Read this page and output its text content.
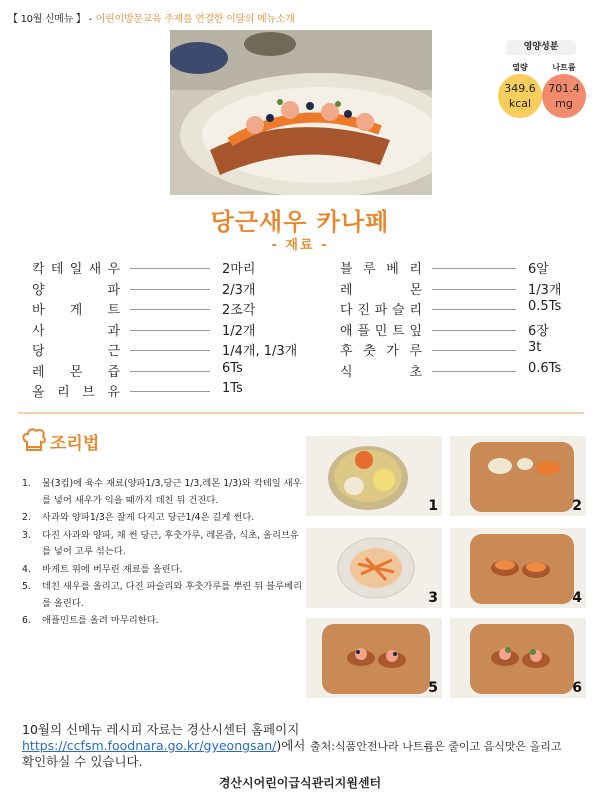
【 10월 신메뉴 】 - 어린이방문교육 주제를 연결한 이달의 메뉴소개
영양성분
열량	나트륨
349.6
kcal
701.4
mg
당근새우 카나페
- 재료 -
칵 테 일 새 우	2마리
양	파	2/3개
바 게 트	2조각
사	과	1/2개
당	근	1/4개, 1/3개
레 몬 즙	6Ts
올 리 브 유	1Ts
블 루 베 리	6알
레	몬	1/3개
다 진 파 슬 리	0.5Ts
애 플 민 트 잎	6장
후 춧 가 루	3t
식	초	0.6Ts
조리법
1.	물(3컵)에 육수 재료(양파1/3,당근 1/3,레몬 1/3)와 칵테일 새우를 넣어 새우가 익을 때까지 데친 뒤 건진다.
2.	사과와 양파1/3은 잘게 다지고 당근1/4은 길게 썬다.
3.	다진 사과와 양파, 채 썬 당근, 후춧가루, 레몬즙, 식초, 올리브유를 넣어 고루 섞는다.
4.	바게트 위에 버무린 재료를 올린다.
5.	데친 새우를 올리고, 다진 파슬리와 후춧가루를 뿌린 뒤 블루베리를 올린다.
6.	애플민트를 올려 마무리한다.
1	2
3	4
5	6
10월의 신메뉴 레시피 자료는 경산시센터 홈페이지
https://ccfsm.foodnara.go.kr/gyeongsan/)에서
확인하실 수 있습니다.
출처:식품안전나라 나트륨은 줄이고 음식맛은 올리고
경산시어린이급식관리지원센터
